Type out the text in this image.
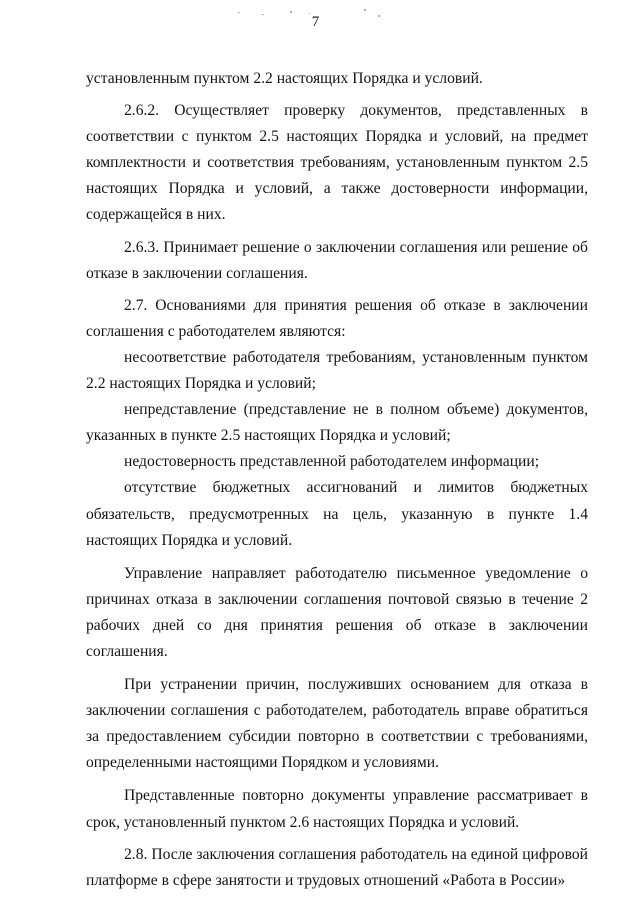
7

установленным пунктом 2.2 настоящих Порядка и условий.

2.6.2. Осуществляет проверку документов, представленных в соответствии с пунктом 2.5 настоящих Порядка и условий, на предмет комплектности и соответствия требованиям, установленным пунктом 2.5 настоящих Порядка и условий, а также достоверности информации, содержащейся в них.

2.6.3. Принимает решение о заключении соглашения или решение об отказе в заключении соглашения.

2.7. Основаниями для принятия решения об отказе в заключении соглашения с работодателем являются:

несоответствие работодателя требованиям, установленным пунктом 2.2 настоящих Порядка и условий;

непредставление (представление не в полном объеме) документов, указанных в пункте 2.5 настоящих Порядка и условий;

недостоверность представленной работодателем информации;

отсутствие бюджетных ассигнований и лимитов бюджетных обязательств, предусмотренных на цель, указанную в пункте 1.4 настоящих Порядка и условий.

Управление направляет работодателю письменное уведомление о причинах отказа в заключении соглашения почтовой связью в течение 2 рабочих дней со дня принятия решения об отказе в заключении соглашения.

При устранении причин, послуживших основанием для отказа в заключении соглашения с работодателем, работодатель вправе обратиться за предоставлением субсидии повторно в соответствии с требованиями, определенными настоящими Порядком и условиями.

Представленные повторно документы управление рассматривает в срок, установленный пунктом 2.6 настоящих Порядка и условий.

2.8. После заключения соглашения работодатель на единой цифровой платформе в сфере занятости и трудовых отношений «Работа в России»
